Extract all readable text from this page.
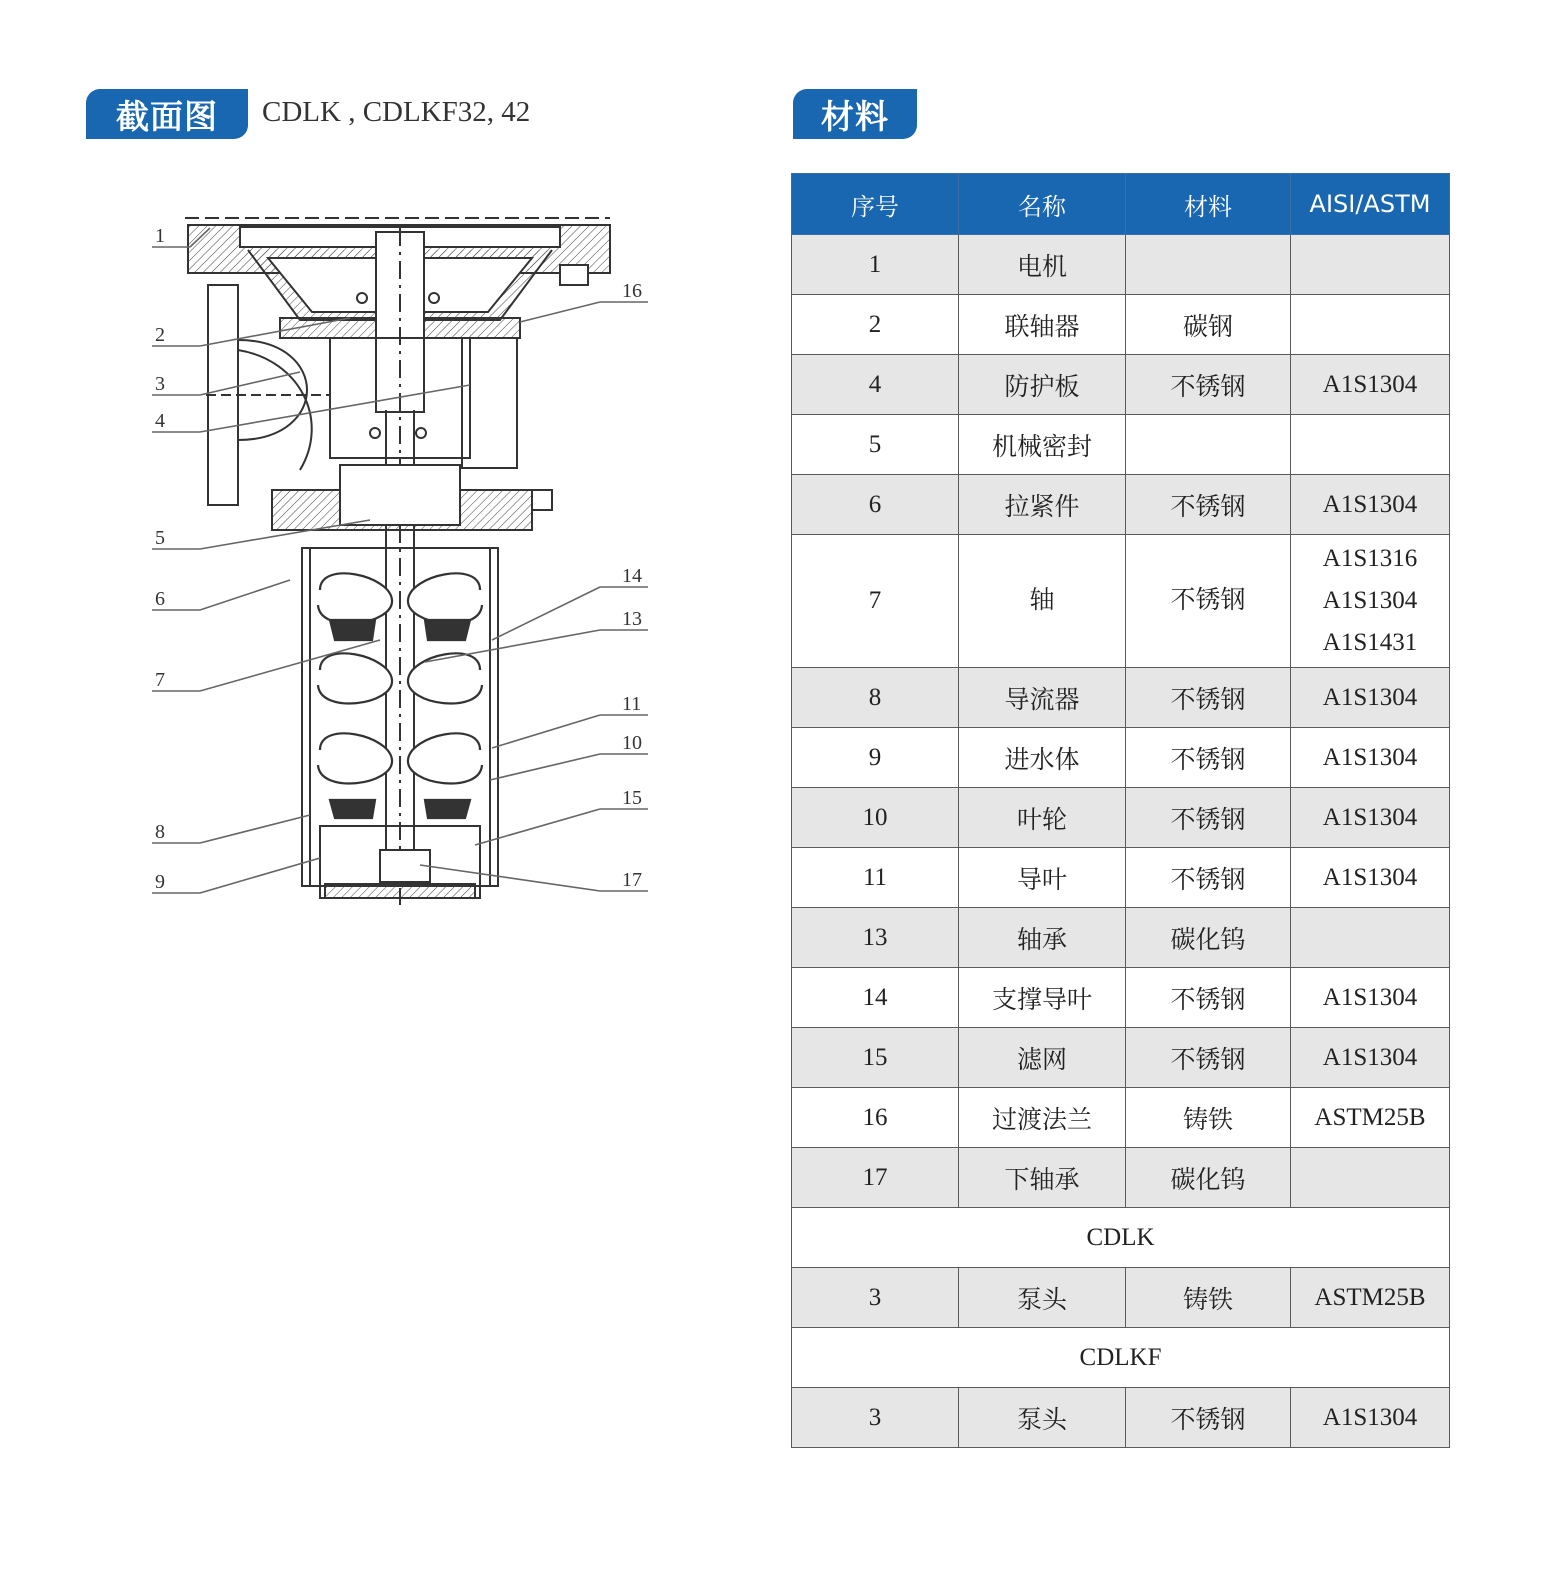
截面图	CDLK , CDLKF32, 42
1
2
3
4
5
6
7
8
9
16
14
13
11
10
15
17
材料
序号	名称	材料	AISI/ASTM
1	电机		
2	联轴器	碳钢	
4	防护板	不锈钢	A1S1304
5	机械密封		
6	拉紧件	不锈钢	A1S1304
7	轴	不锈钢	A1S1316
A1S1304
A1S1431

8	导流器	不锈钢	A1S1304
9	进水体	不锈钢	A1S1304
10	叶轮	不锈钢	A1S1304
11	导叶	不锈钢	A1S1304
13	轴承	碳化钨	
14	支撑导叶	不锈钢	A1S1304
15	滤网	不锈钢	A1S1304
16	过渡法兰	铸铁	ASTM25B
17	下轴承	碳化钨	
CDLK			
3	泵头	铸铁	ASTM25B
CDLKF			
3	泵头	不锈钢	A1S1304
